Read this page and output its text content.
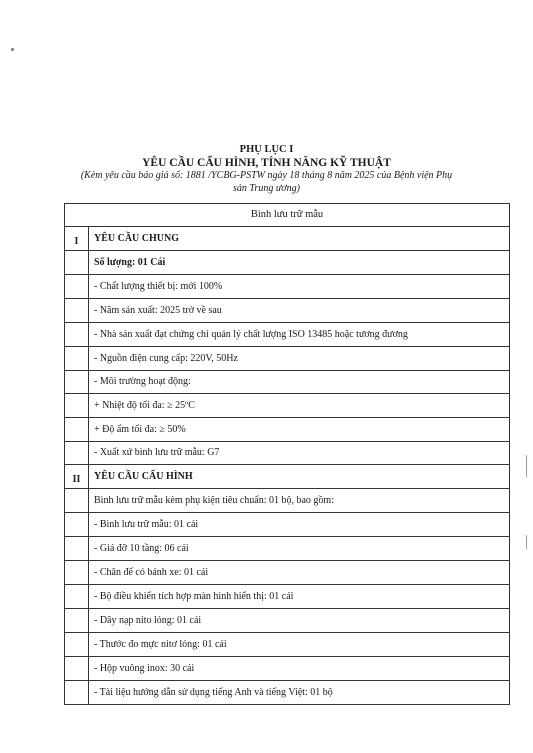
PHỤ LỤC I
YÊU CẦU CẤU HÌNH, TÍNH NĂNG KỸ THUẬT
(Kèm yêu cầu báo giá số: 1881 /YCBG-PSTW ngày 18 tháng 8 năm 2025 của Bệnh viện Phụ
sản Trung ương)
Bình lưu trữ mẫu
I	YÊU CẦU CHUNG
Số lượng: 01 Cái
- Chất lượng thiết bị: mới 100%
- Năm sản xuất: 2025 trở về sau
- Nhà sản xuất đạt chứng chỉ quản lý chất lượng ISO 13485 hoặc tương đương
- Nguồn điện cung cấp: 220V, 50Hz
- Môi trường hoạt động:
+ Nhiệt độ tối đa: ≥ 25ºC
+ Độ ẩm tối đa: ≥ 50%
- Xuất xứ bình lưu trữ mẫu: G7
II	YÊU CẦU CẤU HÌNH
Bình lưu trữ mẫu kèm phụ kiện tiêu chuẩn: 01 bộ, bao gồm:
- Bình lưu trữ mẫu: 01 cái
- Giá đỡ 10 tầng: 06 cái
- Chân đế có bánh xe: 01 cái
- Bộ điều khiển tích hợp màn hình hiển thị: 01 cái
- Dây nạp nito lỏng: 01 cái
- Thước đo mực nitơ lỏng: 01 cái
- Hộp vuông inox: 30 cái
- Tài liệu hướng dẫn sử dụng tiếng Anh và tiếng Việt: 01 bộ
